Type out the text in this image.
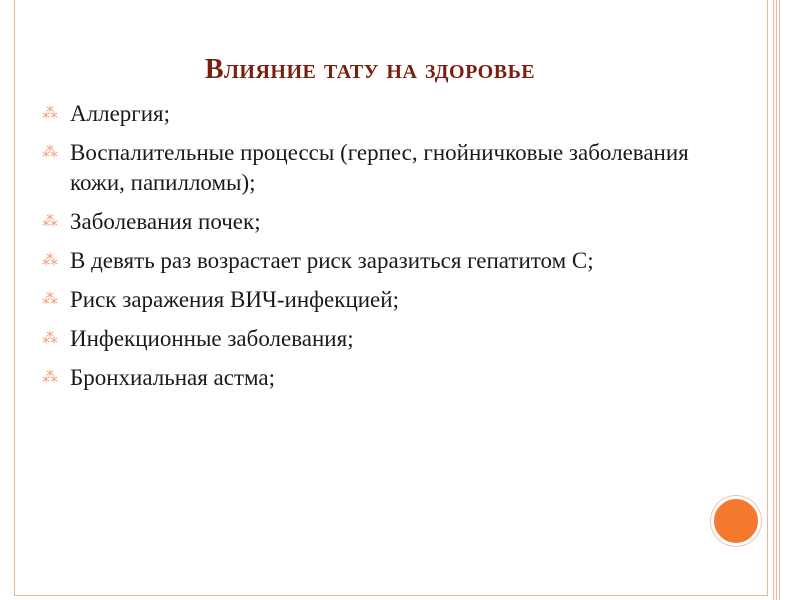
Влияние тату на здоровье
⁂ Аллергия;
⁂ Воспалительные процессы (герпес, гнойничковые заболевания кожи, папилломы);
⁂ Заболевания почек;
⁂ В девять раз возрастает риск заразиться гепатитом С;
⁂ Риск заражения ВИЧ-инфекцией;
⁂ Инфекционные заболевания;
⁂ Бронхиальная астма;
